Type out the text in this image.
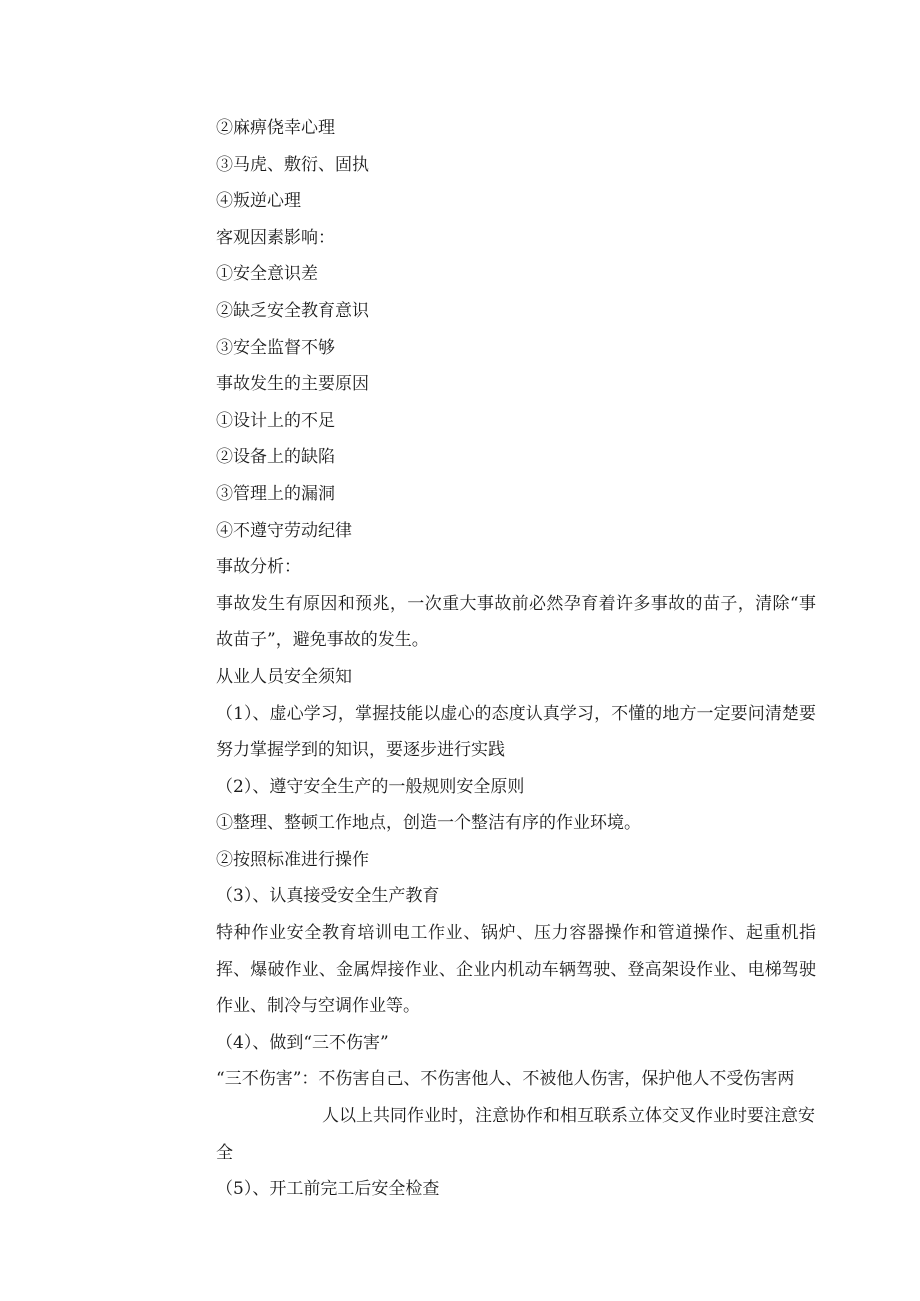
②麻痹侥幸心理

③马虎、敷衍、固执

④叛逆心理

客观因素影响：

①安全意识差

②缺乏安全教育意识

③安全监督不够

事故发生的主要原因

①设计上的不足

②设备上的缺陷

③管理上的漏洞

④不遵守劳动纪律

事故分析：

事故发生有原因和预兆，一次重大事故前必然孕育着许多事故的苗子，清除“事故苗子”，避免事故的发生。

从业人员安全须知

（1）、虚心学习，掌握技能以虚心的态度认真学习，不懂的地方一定要问清楚要努力掌握学到的知识，要逐步进行实践

（2）、遵守安全生产的一般规则安全原则

①整理、整顿工作地点，创造一个整洁有序的作业环境。

②按照标准进行操作

（3）、认真接受安全生产教育

特种作业安全教育培训电工作业、锅炉、压力容器操作和管道操作、起重机指挥、爆破作业、金属焊接作业、企业内机动车辆驾驶、登高架设作业、电梯驾驶作业、制冷与空调作业等。

（4）、做到“三不伤害”

“三不伤害”：不伤害自己、不伤害他人、不被他人伤害，保护他人不受伤害两

人以上共同作业时，注意协作和相互联系立体交叉作业时要注意安

全

（5）、开工前完工后安全检查
